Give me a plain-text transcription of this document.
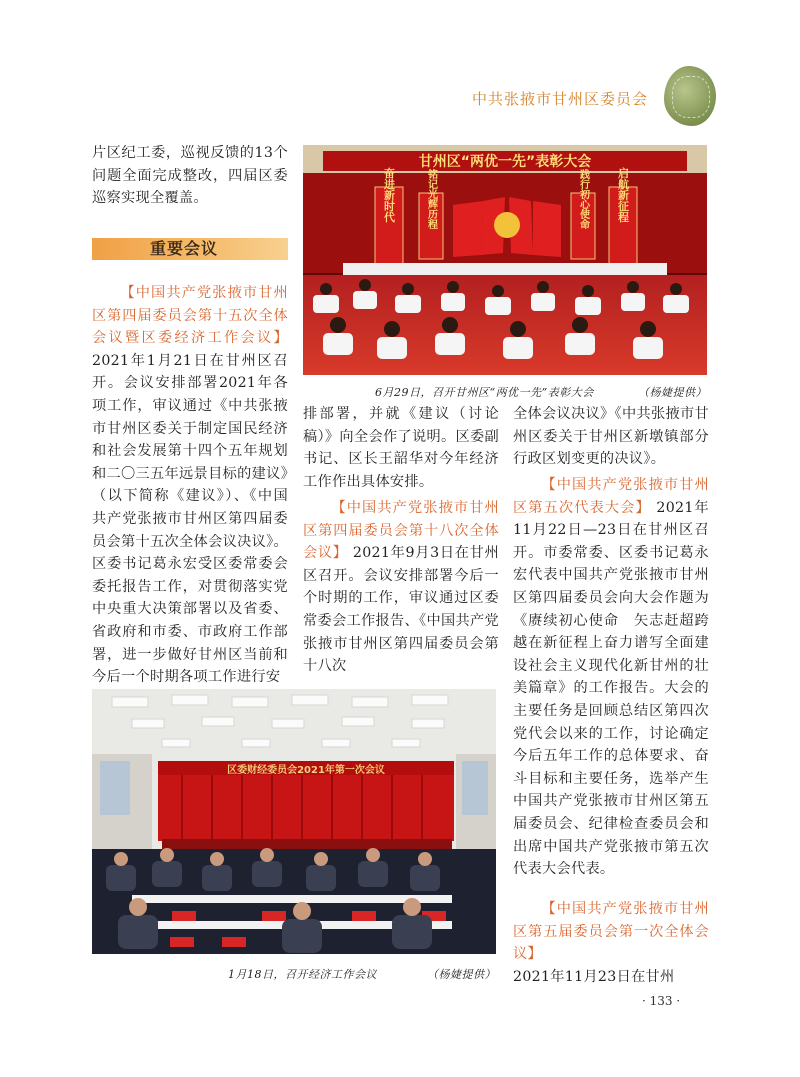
中共张掖市甘州区委员会

片区纪工委，巡视反馈的13个问题全面完成整改，四届区委巡察实现全覆盖。

重要会议

【中国共产党张掖市甘州区第四届委员会第十五次全体会议暨区委经济工作会议】 2021年1月21日在甘州区召开。会议安排部署2021年各项工作，审议通过《中共张掖市甘州区委关于制定国民经济和社会发展第十四个五年规划和二〇三五年远景目标的建议》（以下简称《建议》）、《中国共产党张掖市甘州区第四届委员会第十五次全体会议决议》。区委书记葛永宏受区委常委会委托报告工作，对贯彻落实党中央重大决策部署以及省委、省政府和市委、市政府工作部署，进一步做好甘州区当前和今后一个时期各项工作进行安

甘州区“两优一先”表彰大会
奋进新时代	铭记光辉历程	践行初心使命	启航新征程
6月29日，召开甘州区“两优一先”表彰大会	（杨婕提供）

排部署，并就《建议（讨论稿）》向全会作了说明。区委副书记、区长王韶华对今年经济工作作出具体安排。

【中国共产党张掖市甘州区第四届委员会第十八次全体会议】 2021年9月3日在甘州区召开。会议安排部署今后一个时期的工作，审议通过区委常委会工作报告、《中国共产党张掖市甘州区第四届委员会第十八次

全体会议决议》《中共张掖市甘州区委关于甘州区新墩镇部分行政区划变更的决议》。

【中国共产党张掖市甘州区第五次代表大会】 2021年11月22日—23日在甘州区召开。市委常委、区委书记葛永宏代表中国共产党张掖市甘州区第四届委员会向大会作题为《赓续初心使命　矢志赶超跨越在新征程上奋力谱写全面建设社会主义现代化新甘州的壮美篇章》的工作报告。大会的主要任务是回顾总结区第四次党代会以来的工作，讨论确定今后五年工作的总体要求、奋斗目标和主要任务，选举产生中国共产党张掖市甘州区第五届委员会、纪律检查委员会和出席中国共产党张掖市第五次代表大会代表。

【中国共产党张掖市甘州区第五届委员会第一次全体会议】
2021年11月23日在甘州

区委财经委员会2021年第一次会议
1月18日，召开经济工作会议	（杨婕提供）
· 133 ·
